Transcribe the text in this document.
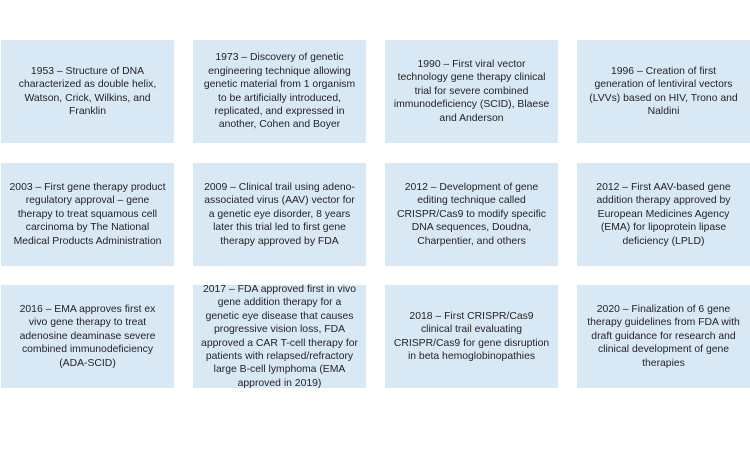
1953 – Structure of DNA characterized as double helix, Watson, Crick, Wilkins, and Franklin

1973 – Discovery of genetic engineering technique allowing genetic material from 1 organism to be artificially introduced, replicated, and expressed in another, Cohen and Boyer

1990 – First viral vector technology gene therapy clinical trial for severe combined immunodeficiency (SCID), Blaese and Anderson

1996 – Creation of first generation of lentiviral vectors (LVVs) based on HIV, Trono and Naldini

2003 – First gene therapy product regulatory approval – gene therapy to treat squamous cell carcinoma by The National Medical Products Administration

2009 – Clinical trail using adeno-associated virus (AAV) vector for a genetic eye disorder, 8 years later this trial led to first gene therapy approved by FDA

2012 – Development of gene editing technique called CRISPR/Cas9 to modify specific DNA sequences, Doudna, Charpentier, and others

2012 – First AAV-based gene addition therapy approved by European Medicines Agency (EMA) for lipoprotein lipase deficiency (LPLD)

2016 – EMA approves first ex vivo gene therapy to treat adenosine deaminase severe combined immunodeficiency (ADA-SCID)

2017 – FDA approved first in vivo gene addition therapy for a genetic eye disease that causes progressive vision loss, FDA approved a CAR T-cell therapy for patients with relapsed/refractory large B-cell lymphoma (EMA approved in 2019)

2018 – First CRISPR/Cas9 clinical trail evaluating CRISPR/Cas9 for gene disruption in beta hemoglobinopathies

2020 – Finalization of 6 gene therapy guidelines from FDA with draft guidance for research and clinical development of gene therapies
